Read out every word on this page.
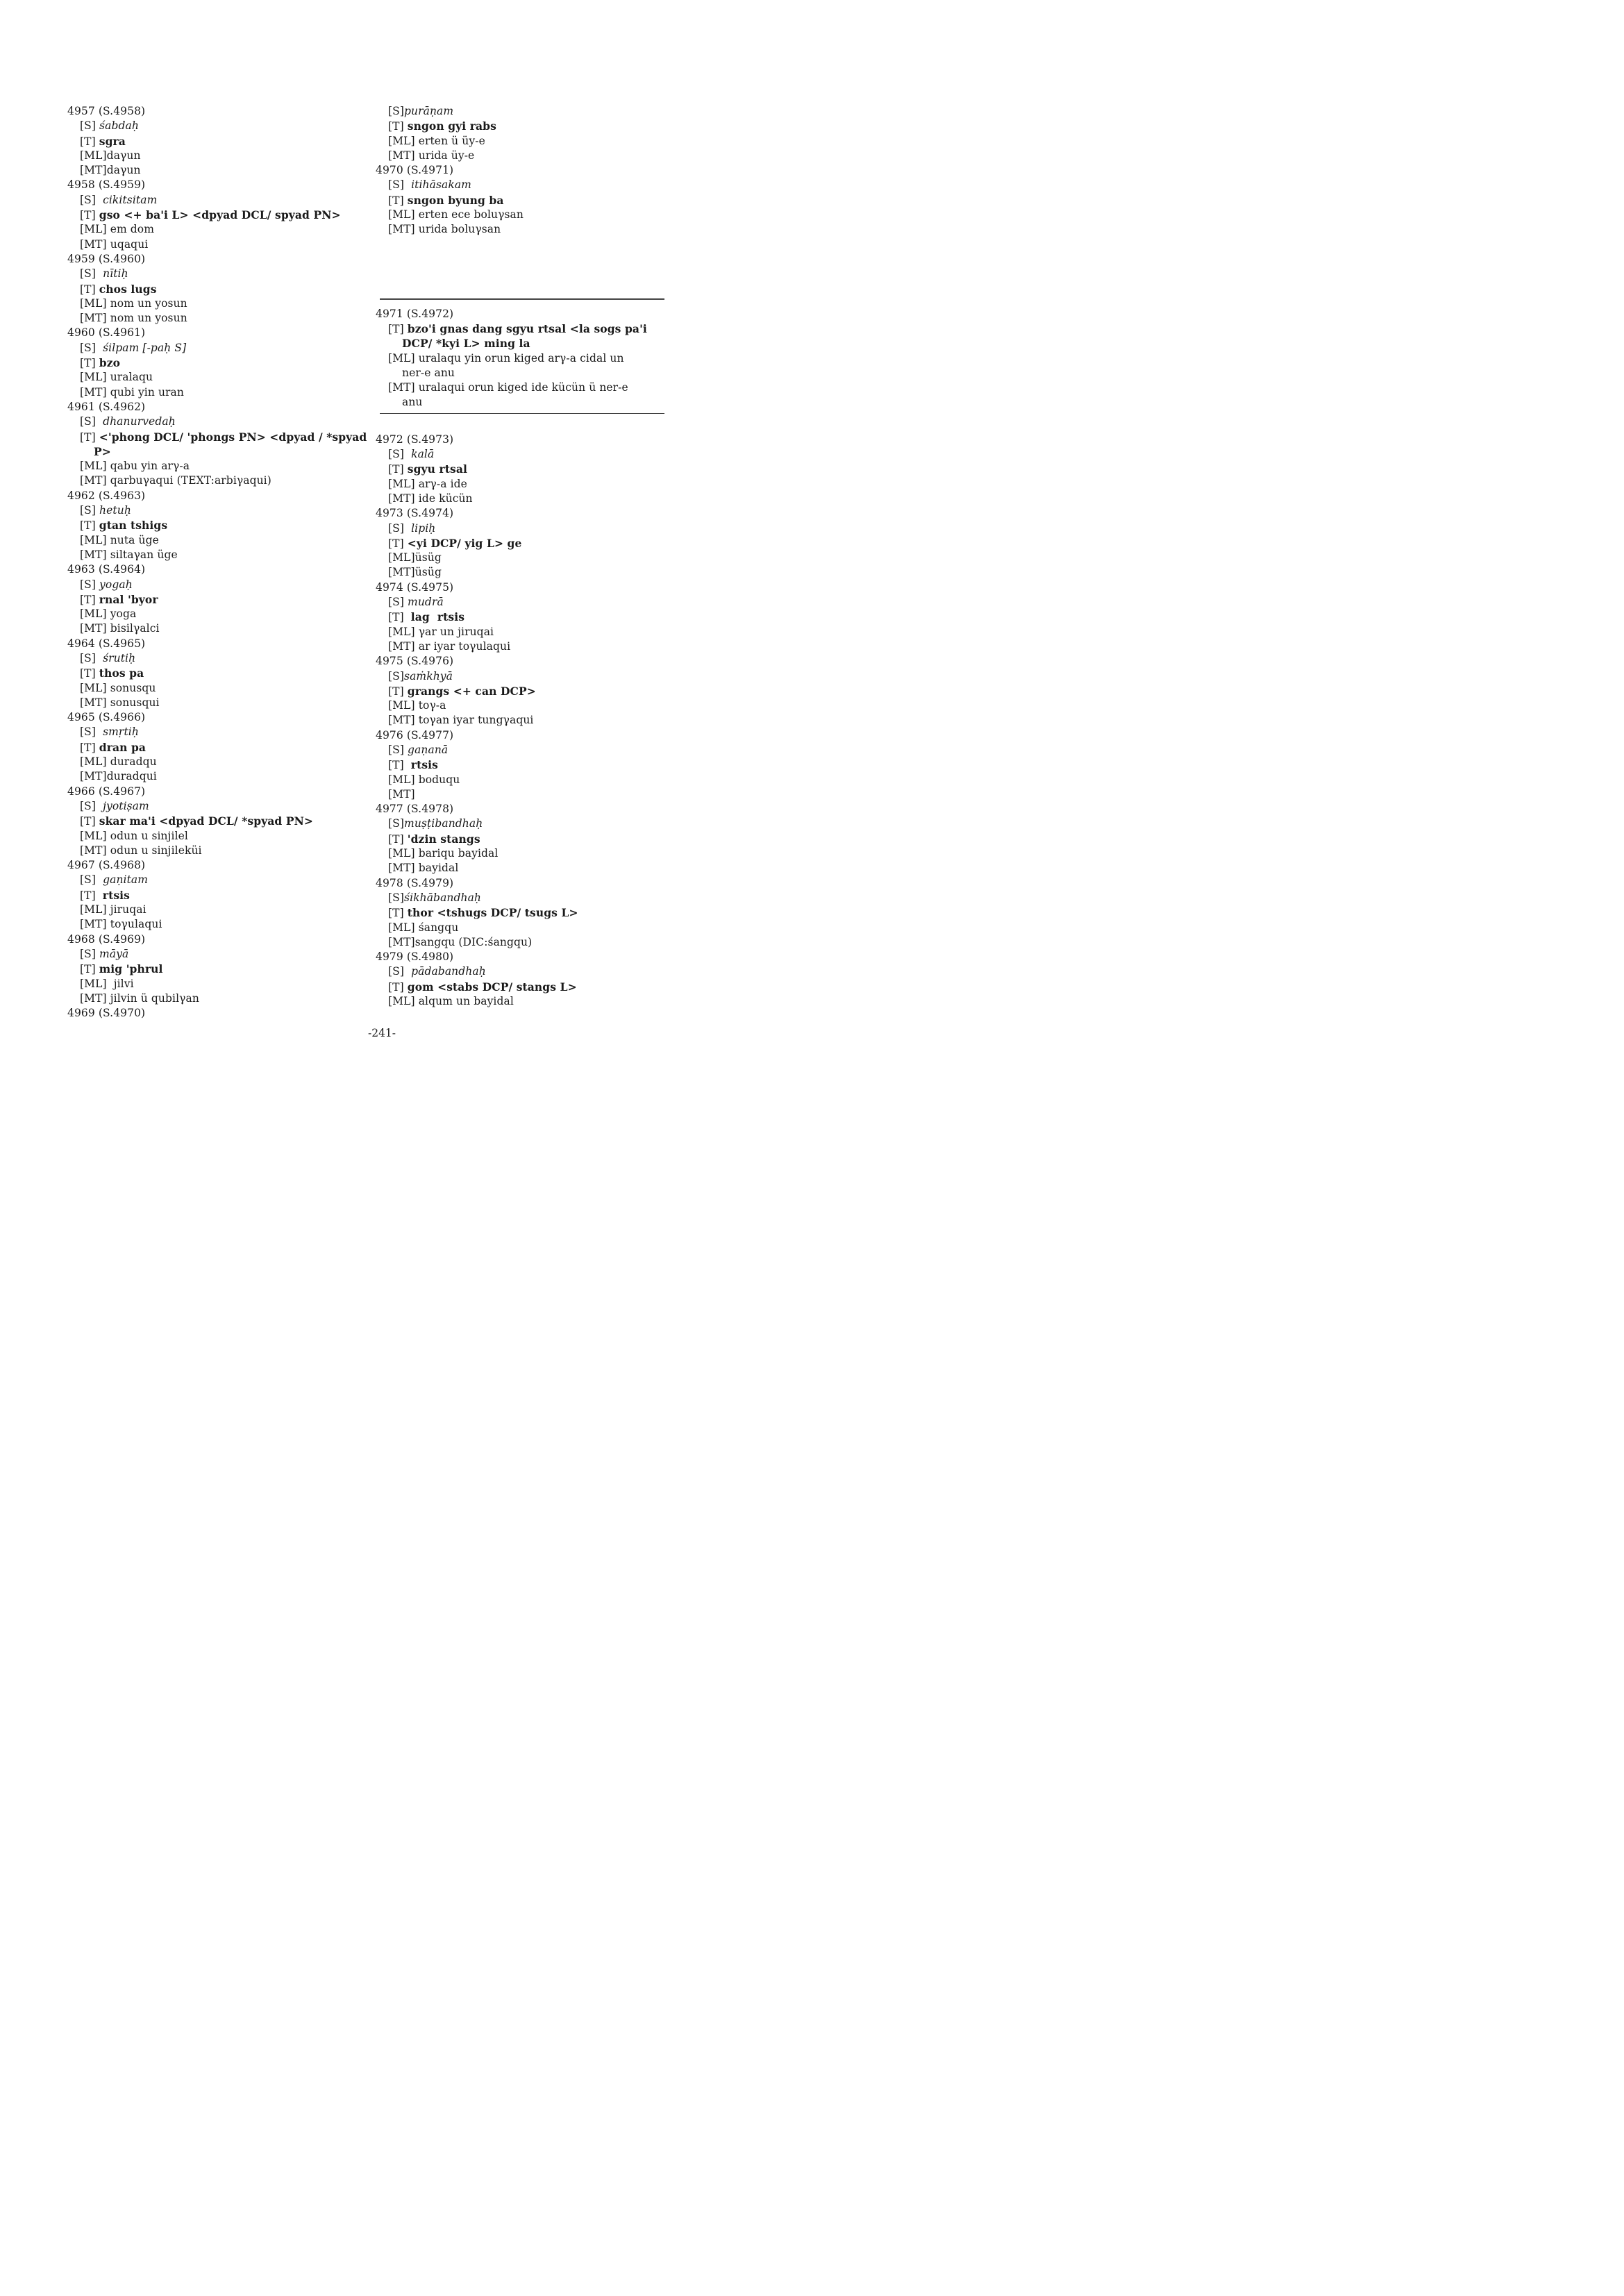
4957 (S.4958)
[S] śabdaḥ
[T] sgra
[ML]daγun
[MT]daγun
4958 (S.4959)
[S]  cikitsitam
[T] gso <+ ba'i L> <dpyad DCL/ spyad PN>
[ML] em dom
[MT] uqaqui
4959 (S.4960)
[S]  nītiḥ
[T] chos lugs
[ML] nom un yosun
[MT] nom un yosun
4960 (S.4961)
[S]  śilpam [-paḥ S]
[T] bzo
[ML] uralaqu
[MT] qubi yin uran
4961 (S.4962)
[S]  dhanurvedaḥ
[T] <'phong DCL/ 'phongs PN> <dpyad / *spyad
P>
[ML] qabu yin arγ-a
[MT] qarbuγaqui (TEXT:arbiγaqui)
4962 (S.4963)
[S] hetuḥ
[T] gtan tshigs
[ML] nuta üge
[MT] siltaγan üge
4963 (S.4964)
[S] yogaḥ
[T] rnal 'byor
[ML] yoga
[MT] bisilγalci
4964 (S.4965)
[S]  śrutiḥ
[T] thos pa
[ML] sonusqu
[MT] sonusqui
4965 (S.4966)
[S]  smṛtiḥ
[T] dran pa
[ML] duradqu
[MT]duradqui
4966 (S.4967)
[S]  jyotiṣam
[T] skar ma'i <dpyad DCL/ *spyad PN>
[ML] odun u sinjilel
[MT] odun u sinjileküi
4967 (S.4968)
[S]  gaṇitam
[T]  rtsis
[ML] jiruqai
[MT] toγulaqui
4968 (S.4969)
[S] māyā
[T] mig 'phrul
[ML]  jilvi
[MT] jilvin ü qubilγan
4969 (S.4970)
[S]purāṇam
[T] sngon gyi rabs
[ML] erten ü üy-e
[MT] urida üy-e
4970 (S.4971)
[S]  itihāsakam
[T] sngon byung ba
[ML] erten ece boluγsan
[MT] urida boluγsan
4971 (S.4972)
[T] bzo'i gnas dang sgyu rtsal <la sogs pa'i
DCP/ *kyi L> ming la
[ML] uralaqu yin orun kiged arγ-a cidal un
ner-e anu
[MT] uralaqui orun kiged ide kücün ü ner-e
anu
4972 (S.4973)
[S]  kalā
[T] sgyu rtsal
[ML] arγ-a ide
[MT] ide kücün
4973 (S.4974)
[S]  lipiḥ
[T] <yi DCP/ yig L> ge
[ML]üsüg
[MT]üsüg
4974 (S.4975)
[S] mudrā
[T]  lag  rtsis
[ML] γar un jiruqai
[MT] ar iyar toγulaqui
4975 (S.4976)
[S]saṁkhyā
[T] grangs <+ can DCP>
[ML] toγ-a
[MT] toγan iyar tungγaqui
4976 (S.4977)
[S] gaṇanā
[T]  rtsis
[ML] boduqu
[MT]
4977 (S.4978)
[S]muṣṭibandhaḥ
[T] 'dzin stangs
[ML] bariqu bayidal
[MT] bayidal
4978 (S.4979)
[S]śikhābandhaḥ
[T] thor <tshugs DCP/ tsugs L>
[ML] śangqu
[MT]sangqu (DIC:śangqu)
4979 (S.4980)
[S]  pādabandhaḥ
[T] gom <stabs DCP/ stangs L>
[ML] alqum un bayidal
-241-
